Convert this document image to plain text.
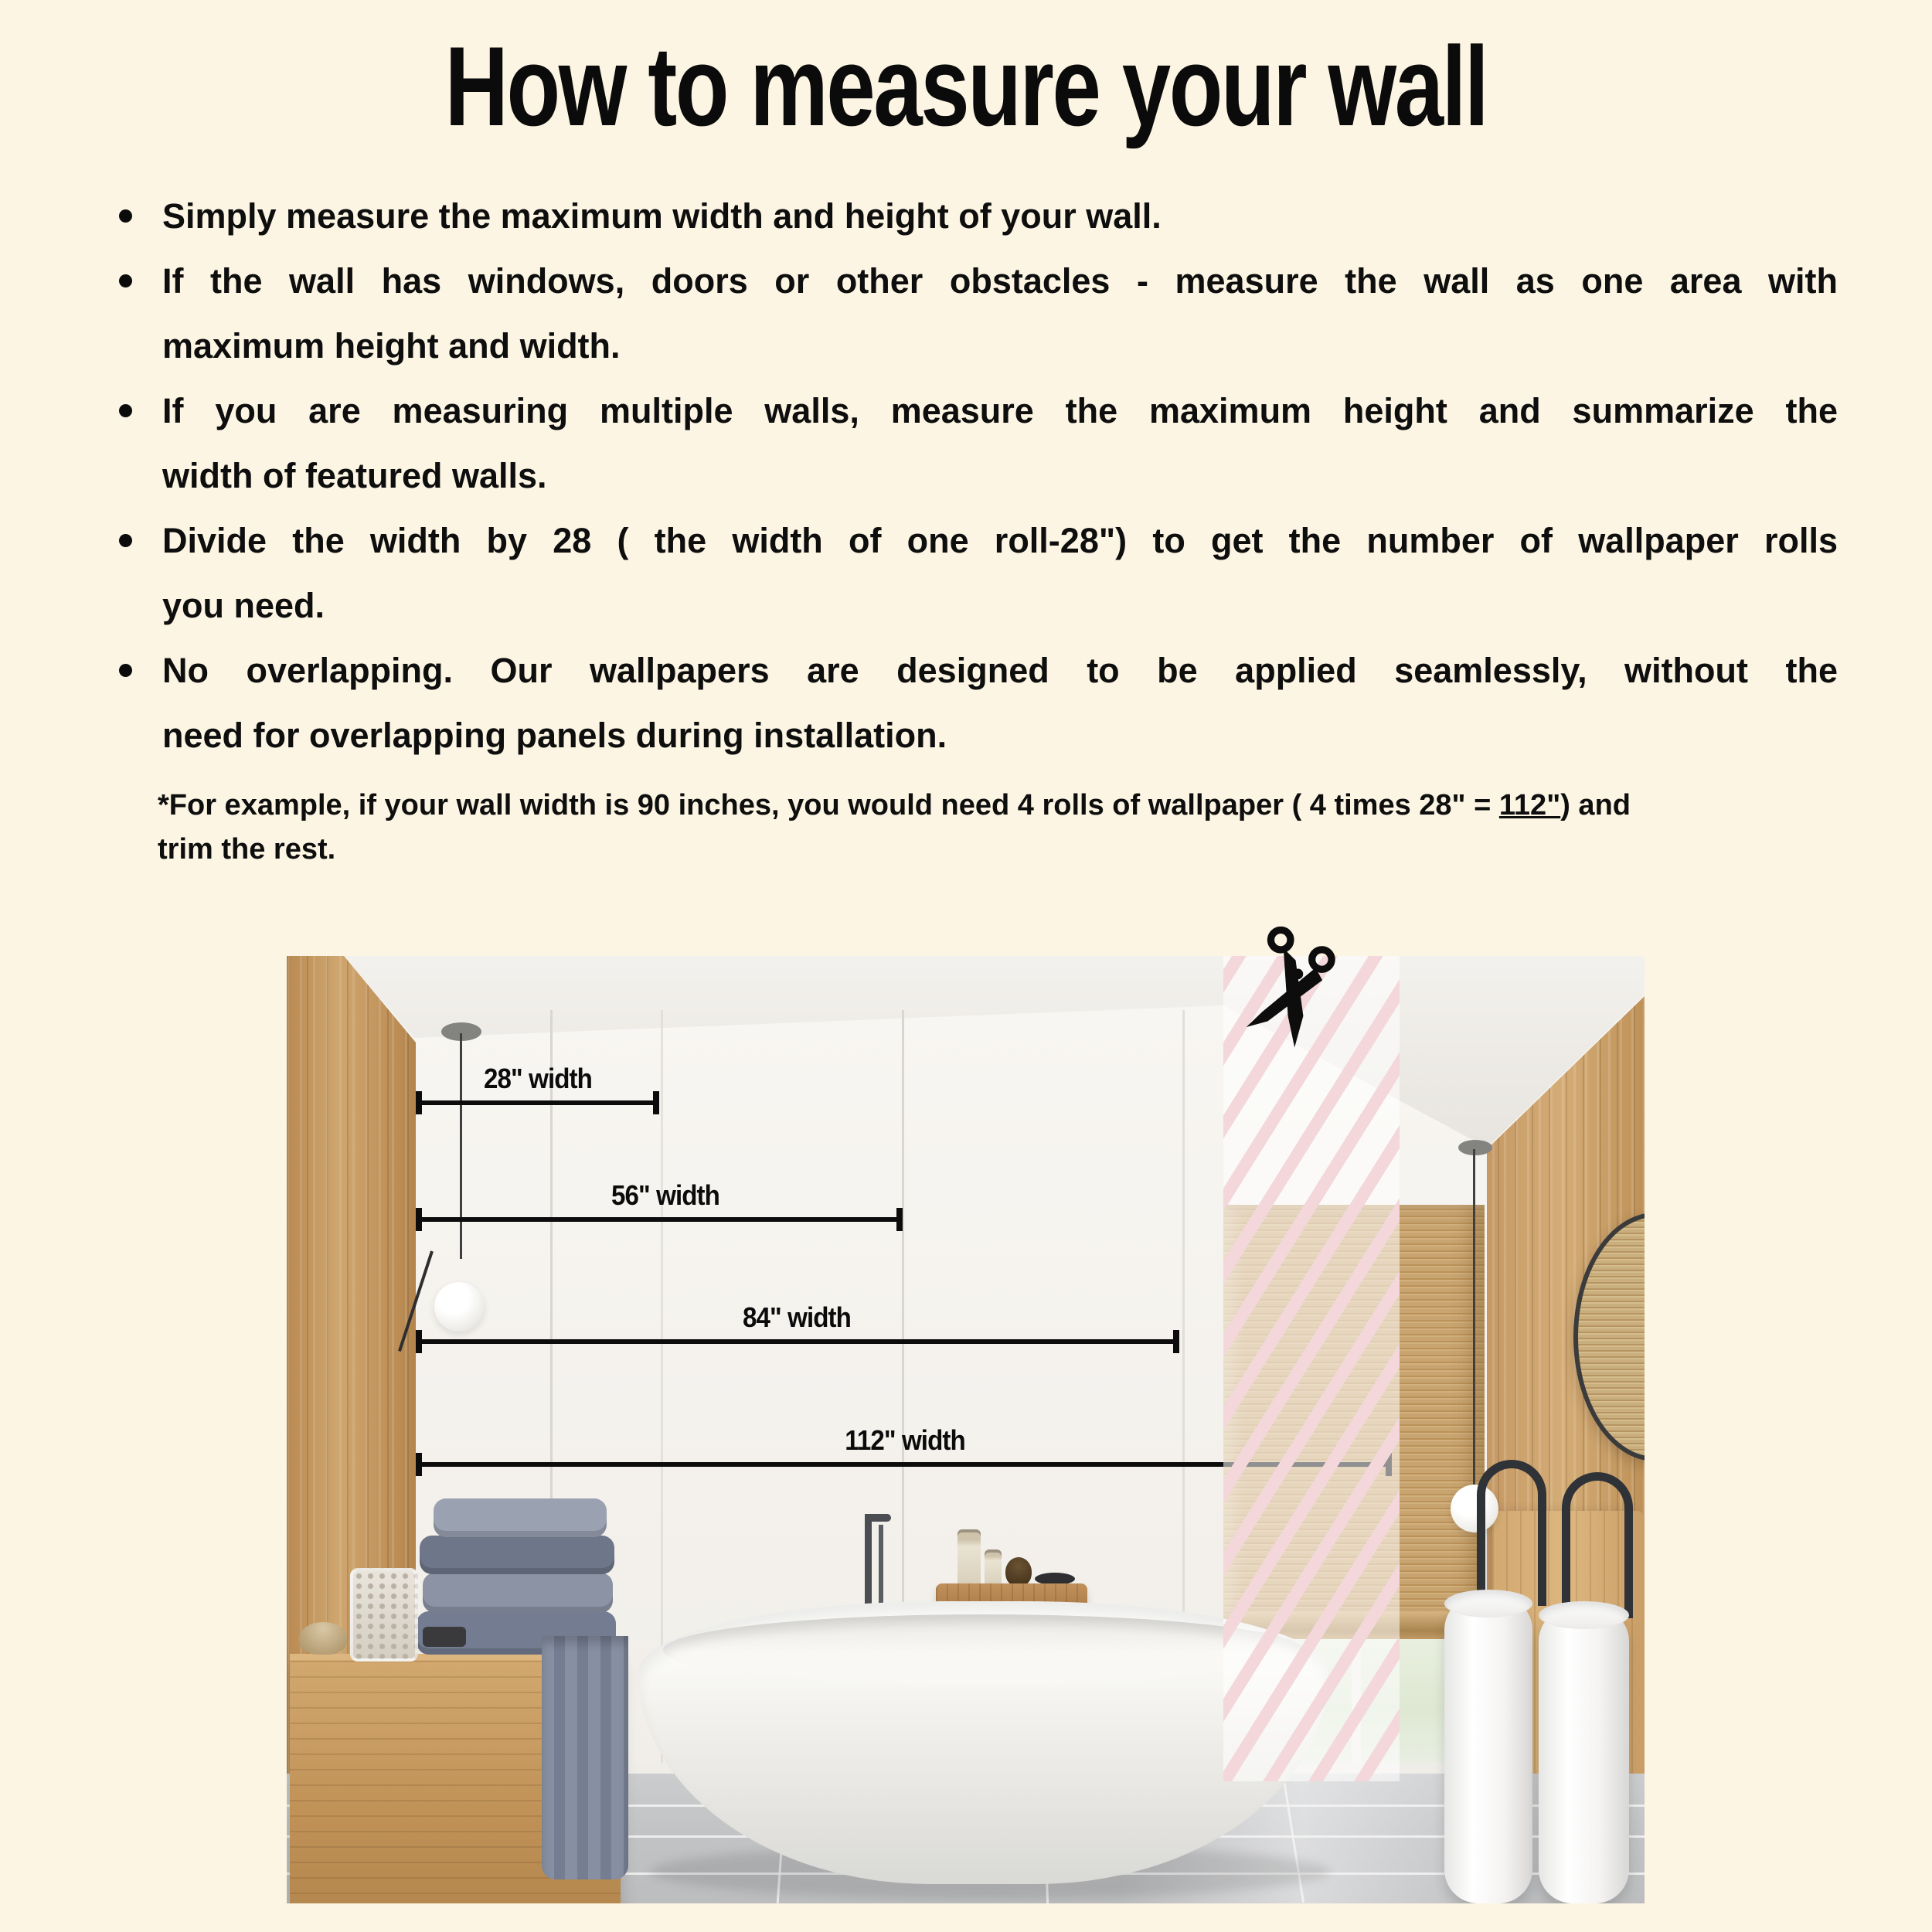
How to measure your wall
Simply measure the maximum width and height of your wall.
If the wall has windows, doors or other obstacles - measure the wall as one area with
maximum height and width.
If you are measuring multiple walls, measure the maximum height and summarize the
width of featured walls.
Divide the width by 28 ( the width of one roll-28") to get the number of wallpaper rolls
you need.
No overlapping. Our wallpapers are designed to be applied seamlessly, without the
need for overlapping panels during installation.
*For example, if your wall width is 90 inches, you would need 4 rolls of wallpaper ( 4 times 28" = 112") and
trim the rest.
28" width
56" width
84" width
112" width
